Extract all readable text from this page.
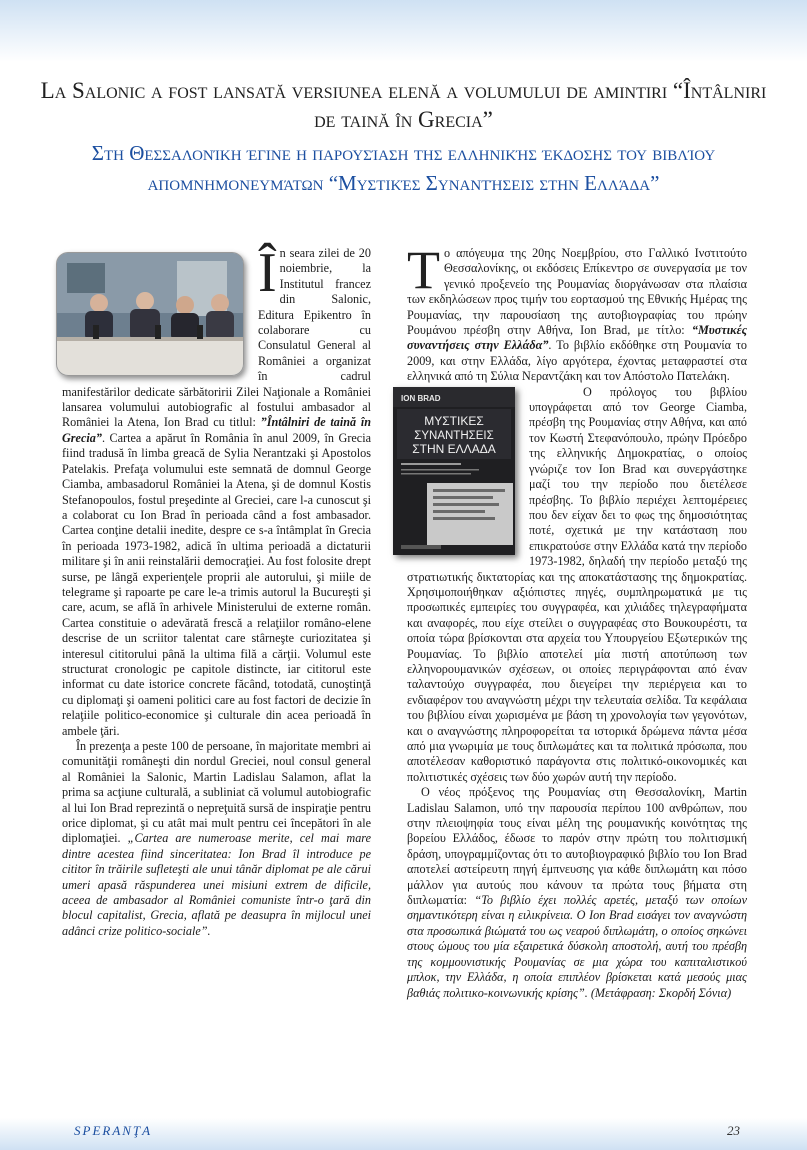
La Salonic a fost lansată versiunea elenă a volumului de amintiri “Întâlniri de taină în Grecia”
Στη Θεσσαλονίκη έγινε η παρουσίαση της ελληνικής έκδοσης του βιβλίου απομνημονευμάτων “Μυστικές Συναντήσεις στην Ελλάδα”
Î n seara zilei de 20 noiembrie, la Institutul francez din Salonic, Editura Epikentro în colaborare cu Consulatul General al României a organizat în cadrul manifestărilor dedicate sărbătoririi Zilei Naţionale a României lansarea volumului autobiografic al fostului ambasador al României la Atena, Ion Brad cu titlul: ”Întâlniri de taină în Grecia”. Cartea a apărut în România în anul 2009, în Grecia fiind tradusă în limba greacă de Sylia Nerantzaki şi Apostolos Patelakis. Prefaţa volumului este semnată de domnul George Ciamba, ambasadorul României la Atena, şi de domnul Kostis Stefanopoulos, fostul preşedinte al Greciei, care l-a cunoscut şi a colaborat cu Ion Brad în perioada când a fost ambasador. Cartea conţine detalii inedite, despre ce s-a întâmplat în Grecia în perioada 1973-1982, adică în ultima perioadă a dictaturii militare şi în anii reinstalării democraţiei. Au fost folosite drept surse, pe lângă experienţele proprii ale autorului, şi miile de telegrame şi rapoarte pe care le-a trimis autorul la Bucureşti şi care, acum, se află în arhivele Ministerului de externe român. Cartea constituie o adevărată frescă a relaţiilor româno-elene descrise de un scriitor talentat care stârneşte curiozitatea şi interesul cititorului până la ultima filă a cărţii. Volumul este structurat cronologic pe capitole distincte, iar cititorul este informat cu date istorice concrete făcând, totodată, cunoştinţă cu diplomaţi şi oameni politici care au fost factori de decizie în relaţiile politico-economice şi culturale din acea perioadă în ambele ţări.

În prezenţa a peste 100 de persoane, în majoritate membri ai comunităţii româneşti din nordul Greciei, noul consul general al României la Salonic, Martin Ladislau Salamon, aflat la prima sa acţiune culturală, a subliniat că volumul autobiografic al lui Ion Brad reprezintă o nepreţuită sursă de inspiraţie pentru orice diplomat, şi cu atât mai mult pentru cei începători în ale diplomaţiei. „Cartea are numeroase merite, cel mai mare dintre acestea fiind sinceritatea: Ion Brad îl introduce pe cititor în trăirile sufleteşti ale unui tânăr diplomat pe ale cărui umeri apasă răspunderea unei misiuni extrem de dificile, aceea de ambasador al României comuniste într-o ţară din blocul capitalist, Grecia, aflată pe deasupra în mijlocul unei adânci crize politico-sociale”.

Τ ο απόγευμα της 20ης Νοεμβρίου, στο Γαλλικό Ινστιτούτο Θεσσαλονίκης, οι εκδόσεις Επίκεντρο σε συνεργασία με τον γενικό προξενείο της Ρουμανίας διοργάνωσαν στα πλαίσια των εκδηλώσεων προς τιμήν του εορτασμού της Εθνικής Ημέρας της Ρουμανίας, την παρουσίαση της αυτοβιογραφίας του πρώην Ρουμάνου πρέσβη στην Αθήνα, Ion Brad, με τίτλο: “Μυστικές συναντήσεις στην Ελλάδα”. Το βιβλίο εκδόθηκε στη Ρουμανία το 2009, και στην Ελλάδα, λίγο αργότερα, έχοντας μεταφραστεί στα ελληνικά από τη Σύλια Νεραντζάκη και τον Απόστολο Πατελάκη.

ION BRAD
ΜΥΣΤΙΚΕΣ
ΣΥΝΑΝΤΗΣΕΙΣ
ΣΤΗΝ ΕΛΛΑΔΑ

Ο πρόλογος του βιβλίου υπογράφεται από τον George Ciamba, πρέσβη της Ρουμανίας στην Αθήνα, και από τον Κωστή Στεφανόπουλο, πρώην Πρόεδρο της ελληνικής Δημοκρατίας, ο οποίος γνώριζε τον Ion Brad και συνεργάστηκε μαζί του την περίοδο που διετέλεσε πρέσβης. Το βιβλίο περιέχει λεπτομέρειες που δεν είχαν δει το φως της δημοσιότητας ποτέ, σχετικά με την κατάσταση που επικρατούσε στην Ελλάδα κατά την περίοδο 1973-1982, δηλαδή την περίοδο μεταξύ της στρατιωτικής δικτατορίας και της αποκατάστασης της δημοκρατίας. Χρησιμοποιήθηκαν αξιόπιστες πηγές, συμπληρωματικά με τις προσωπικές εμπειρίες του συγγραφέα, και χιλιάδες τηλεγραφήματα και αναφορές, που είχε στείλει ο συγγραφέας στο Βουκουρέστι, τα οποία τώρα βρίσκονται στα αρχεία του Υπουργείου Εξωτερικών της Ρουμανίας. Το βιβλίο αποτελεί μία πιστή αποτύπωση των ελληνορουμανικών σχέσεων, οι οποίες περιγράφονται από έναν ταλαντούχο συγγραφέα, που διεγείρει την περιέργεια και το ενδιαφέρον του αναγνώστη μέχρι την τελευταία σελίδα. Τα κεφάλαια του βιβλίου είναι χωρισμένα με βάση τη χρονολογία των γεγονότων, και ο αναγνώστης πληροφορείται τα ιστορικά δρώμενα πάντα μέσα από μια γνωριμία με τους διπλωμάτες και τα πολιτικά πρόσωπα, που αποτέλεσαν καθοριστικό παράγοντα στις πολιτικό-οικονομικές και πολιτιστικές σχέσεις των δύο χωρών αυτή την περίοδο.

Ο νέος πρόξενος της Ρουμανίας στη Θεσσαλονίκη, Martin Ladislau Salamon, υπό την παρουσία περίπου 100 ανθρώπων, που στην πλειοψηφία τους είναι μέλη της ρουμανικής κοινότητας της βορείου Ελλάδος, έδωσε το παρόν στην πρώτη του πολιτισμική δράση, υπογραμμίζοντας ότι το αυτοβιογραφικό βιβλίο του Ion Brad αποτελεί αστείρευτη πηγή έμπνευσης για κάθε διπλωμάτη και πόσο μάλλον για αυτούς που κάνουν τα πρώτα τους βήματα στη διπλωματία: “Το βιβλίο έχει πολλές αρετές, μεταξύ των οποίων σημαντικότερη είναι η ειλικρίνεια. Ο Ion Brad εισάγει τον αναγνώστη στα προσωπικά βιώματά του ως νεαρού διπλωμάτη, ο οποίος σηκώνει στους ώμους του μία εξαιρετικά δύσκολη αποστολή, αυτή του πρέσβη της κομμουνιστικής Ρουμανίας σε μια χώρα του καπιταλιστικού μπλοκ, την Ελλάδα, η οποία επιπλέον βρίσκεται κατά μεσούς μιας βαθιάς πολιτικο-κοινωνικής κρίσης”. (Μετάφραση: Σκορδή Σόνια)

SPERANŢA	23
